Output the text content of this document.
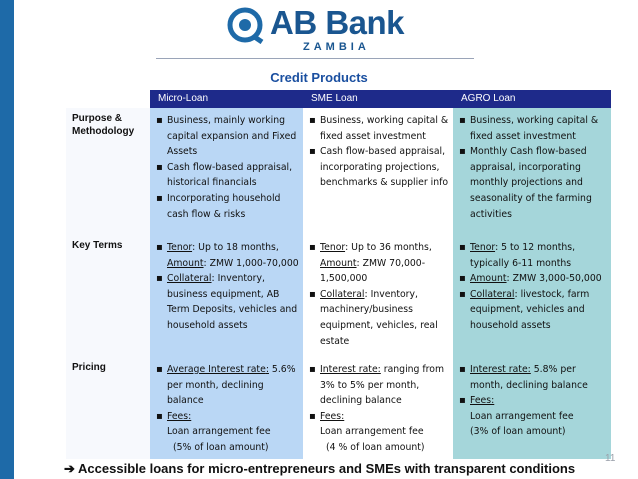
AB Bank
ZAMBIA
Credit Products
Micro-Loan	SME Loan	AGRO Loan
Purpose & Methodology
Key Terms
Pricing
▪ Business, mainly working capital expansion and Fixed Assets
▪ Cash flow-based appraisal, historical financials
▪ Incorporating household cash flow & risks
▪ Business, working capital & fixed asset investment
▪ Cash flow-based appraisal, incorporating projections, benchmarks & supplier info
▪ Business, working capital & fixed asset investment
▪ Monthly Cash flow-based appraisal, incorporating monthly projections and seasonality of the farming activities
▪ Tenor: Up to 18 months, Amount: ZMW 1,000-70,000
▪ Collateral: Inventory, business equipment, AB Term Deposits, vehicles and household assets
▪ Tenor: Up to 36 months, Amount: ZMW 70,000-1,500,000
▪ Collateral: Inventory, machinery/business equipment, vehicles, real estate
▪ Tenor: 5 to 12 months, typically 6-11 months
▪ Amount: ZMW 3,000-50,000
▪ Collateral: livestock, farm equipment, vehicles and household assets
▪ Average Interest rate: 5.6% per month, declining balance
▪ Fees:
Loan arrangement fee
(5% of loan amount)
▪ Interest rate: ranging from 3% to 5% per month, declining balance
▪ Fees:
Loan arrangement fee
(4 % of loan amount)
▪ Interest rate: 5.8% per month, declining balance
▪ Fees:
Loan arrangement fee
(3% of loan amount)
11
➔ Accessible loans for micro-entrepreneurs and SMEs with transparent conditions
